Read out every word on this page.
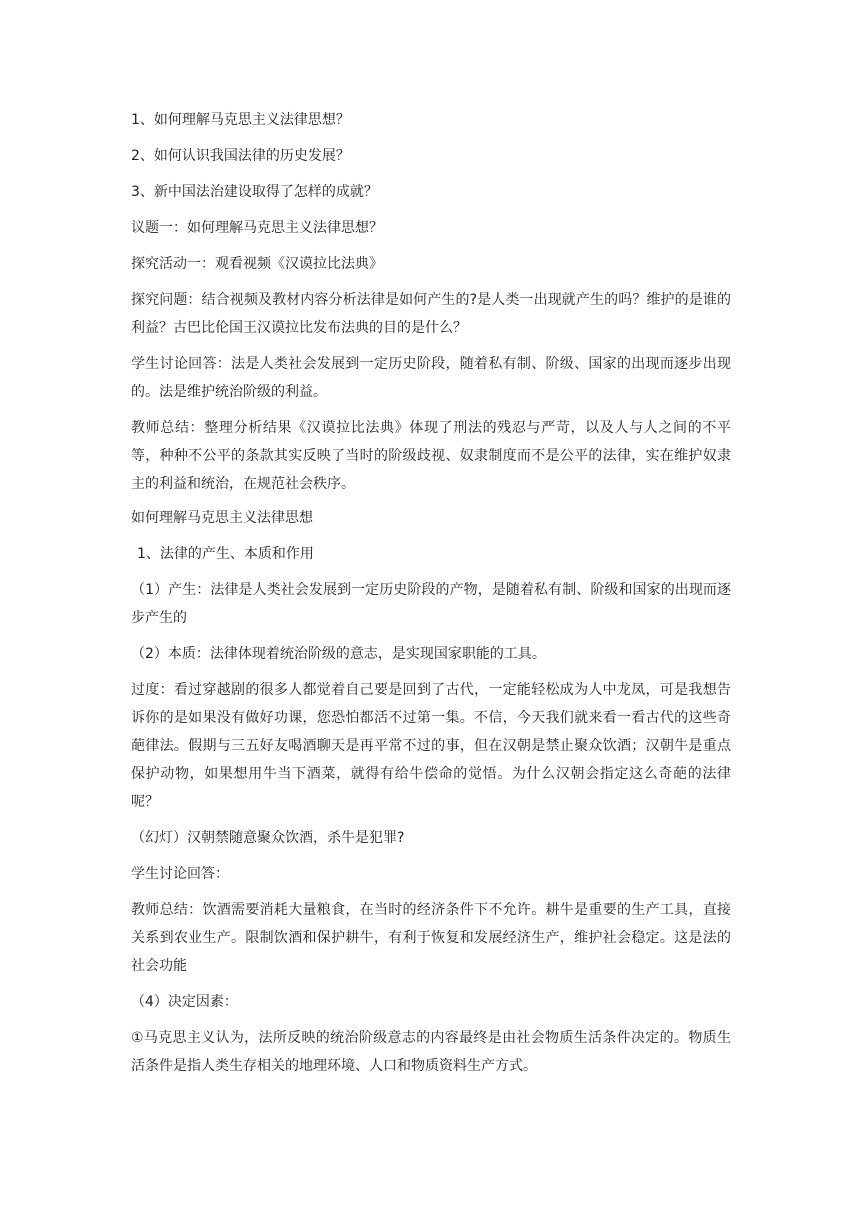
1、如何理解马克思主义法律思想？

2、如何认识我国法律的历史发展？

3、新中国法治建设取得了怎样的成就？

议题一：如何理解马克思主义法律思想？

探究活动一：观看视频《汉谟拉比法典》

探究问题：结合视频及教材内容分析法律是如何产生的?是人类一出现就产生的吗？维护的是谁的利益？古巴比伦国王汉谟拉比发布法典的目的是什么？

学生讨论回答：法是人类社会发展到一定历史阶段，随着私有制、阶级、国家的出现而逐步出现的。法是维护统治阶级的利益。

教师总结：整理分析结果《汉谟拉比法典》体现了刑法的残忍与严苛，以及人与人之间的不平等，种种不公平的条款其实反映了当时的阶级歧视、奴隶制度而不是公平的法律，实在维护奴隶主的利益和统治，在规范社会秩序。

如何理解马克思主义法律思想

1、法律的产生、本质和作用

（1）产生：法律是人类社会发展到一定历史阶段的产物，是随着私有制、阶级和国家的出现而逐步产生的

（2）本质：法律体现着统治阶级的意志，是实现国家职能的工具。

过度：看过穿越剧的很多人都觉着自己要是回到了古代，一定能轻松成为人中龙凤，可是我想告诉你的是如果没有做好功课，您恐怕都活不过第一集。不信，今天我们就来看一看古代的这些奇葩律法。假期与三五好友喝酒聊天是再平常不过的事，但在汉朝是禁止聚众饮酒；汉朝牛是重点保护动物，如果想用牛当下酒菜，就得有给牛偿命的觉悟。为什么汉朝会指定这么奇葩的法律呢？

（幻灯）汉朝禁随意聚众饮酒，杀牛是犯罪?

学生讨论回答：

教师总结：饮酒需要消耗大量粮食，在当时的经济条件下不允许。耕牛是重要的生产工具，直接关系到农业生产。限制饮酒和保护耕牛，有利于恢复和发展经济生产，维护社会稳定。这是法的社会功能

（4）决定因素：

①马克思主义认为，法所反映的统治阶级意志的内容最终是由社会物质生活条件决定的。物质生活条件是指人类生存相关的地理环境、人口和物质资料生产方式。
